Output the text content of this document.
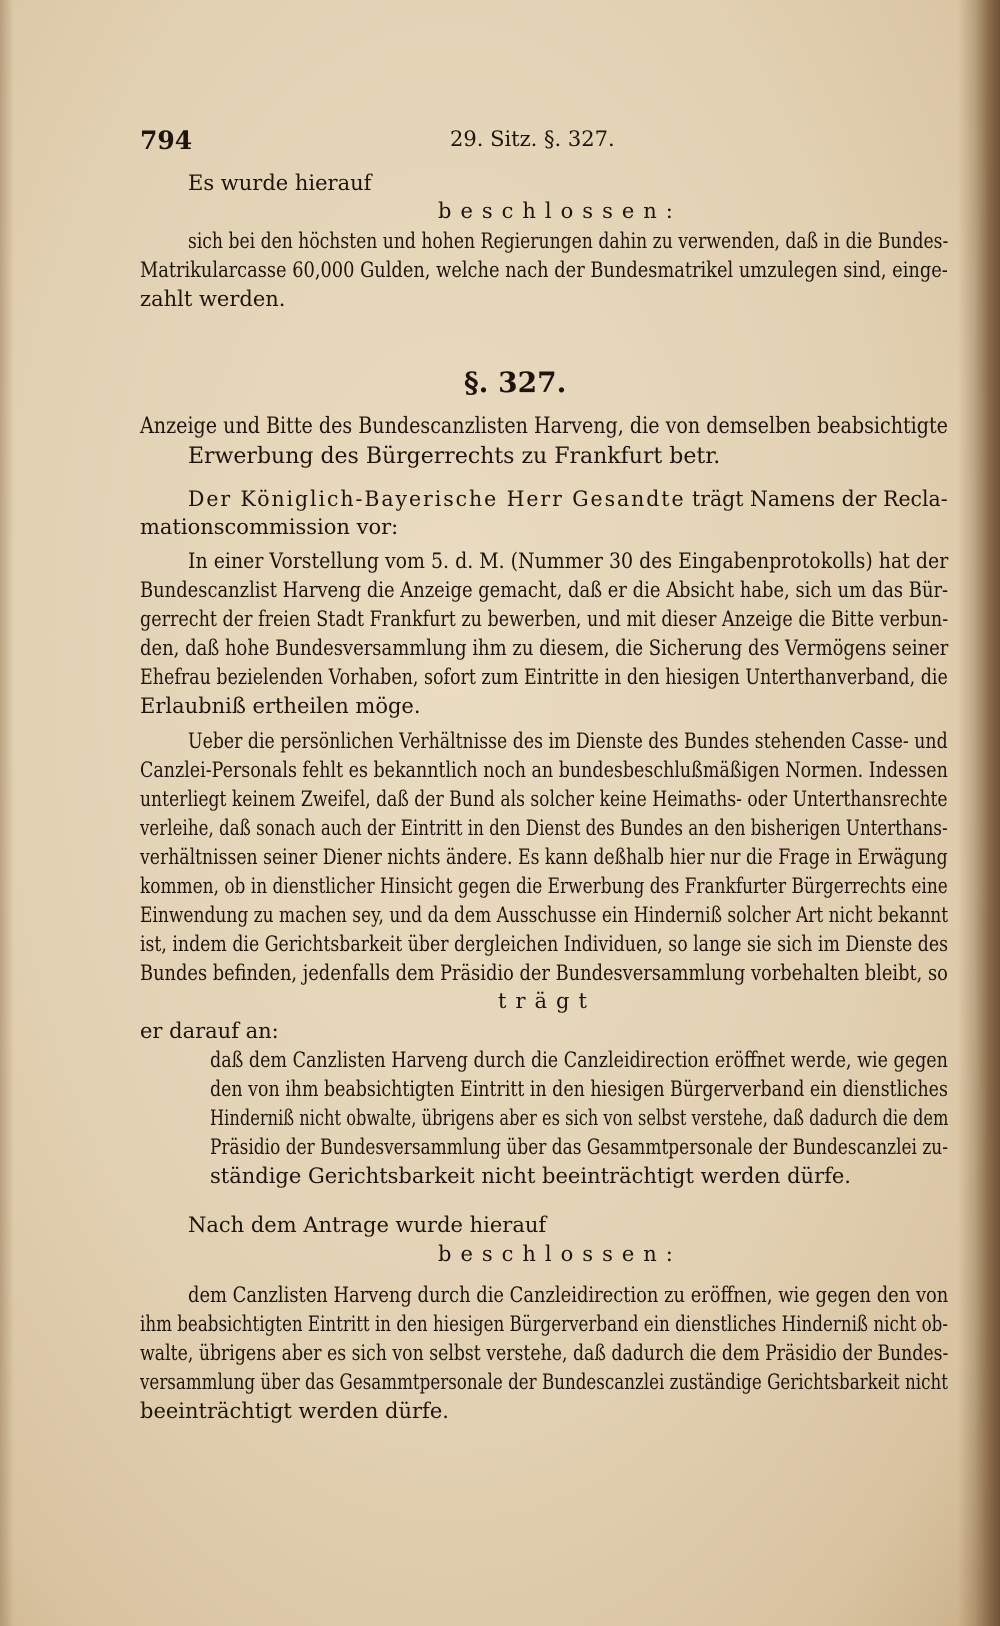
794	29. Sitz. §. 327.
Es wurde hierauf
beschlossen:
sich bei den höchsten und hohen Regierungen dahin zu verwenden, daß in die Bundes-
Matrikularcasse 60,000 Gulden, welche nach der Bundesmatrikel umzulegen sind, einge-
zahlt werden.
§. 327.
Anzeige und Bitte des Bundescanzlisten Harveng, die von demselben beabsichtigte
Erwerbung des Bürgerrechts zu Frankfurt betr.
Der Königlich-Bayerische Herr Gesandte trägt Namens der Recla-
mationscommission vor:
In einer Vorstellung vom 5. d. M. (Nummer 30 des Eingabenprotokolls) hat der
Bundescanzlist Harveng die Anzeige gemacht, daß er die Absicht habe, sich um das Bür-
gerrecht der freien Stadt Frankfurt zu bewerben, und mit dieser Anzeige die Bitte verbun-
den, daß hohe Bundesversammlung ihm zu diesem, die Sicherung des Vermögens seiner
Ehefrau bezielenden Vorhaben, sofort zum Eintritte in den hiesigen Unterthanverband, die
Erlaubniß ertheilen möge.
Ueber die persönlichen Verhältnisse des im Dienste des Bundes stehenden Casse- und
Canzlei-Personals fehlt es bekanntlich noch an bundesbeschlußmäßigen Normen. Indessen
unterliegt keinem Zweifel, daß der Bund als solcher keine Heimaths- oder Unterthansrechte
verleihe, daß sonach auch der Eintritt in den Dienst des Bundes an den bisherigen Unterthans-
verhältnissen seiner Diener nichts ändere. Es kann deßhalb hier nur die Frage in Erwägung
kommen, ob in dienstlicher Hinsicht gegen die Erwerbung des Frankfurter Bürgerrechts eine
Einwendung zu machen sey, und da dem Ausschusse ein Hinderniß solcher Art nicht bekannt
ist, indem die Gerichtsbarkeit über dergleichen Individuen, so lange sie sich im Dienste des
Bundes befinden, jedenfalls dem Präsidio der Bundesversammlung vorbehalten bleibt, so
trägt
er darauf an:
daß dem Canzlisten Harveng durch die Canzleidirection eröffnet werde, wie gegen
den von ihm beabsichtigten Eintritt in den hiesigen Bürgerverband ein dienstliches
Hinderniß nicht obwalte, übrigens aber es sich von selbst verstehe, daß dadurch die dem
Präsidio der Bundesversammlung über das Gesammtpersonale der Bundescanzlei zu-
ständige Gerichtsbarkeit nicht beeinträchtigt werden dürfe.
Nach dem Antrage wurde hierauf
beschlossen:
dem Canzlisten Harveng durch die Canzleidirection zu eröffnen, wie gegen den von
ihm beabsichtigten Eintritt in den hiesigen Bürgerverband ein dienstliches Hinderniß nicht ob-
walte, übrigens aber es sich von selbst verstehe, daß dadurch die dem Präsidio der Bundes-
versammlung über das Gesammtpersonale der Bundescanzlei zuständige Gerichtsbarkeit nicht
beeinträchtigt werden dürfe.
